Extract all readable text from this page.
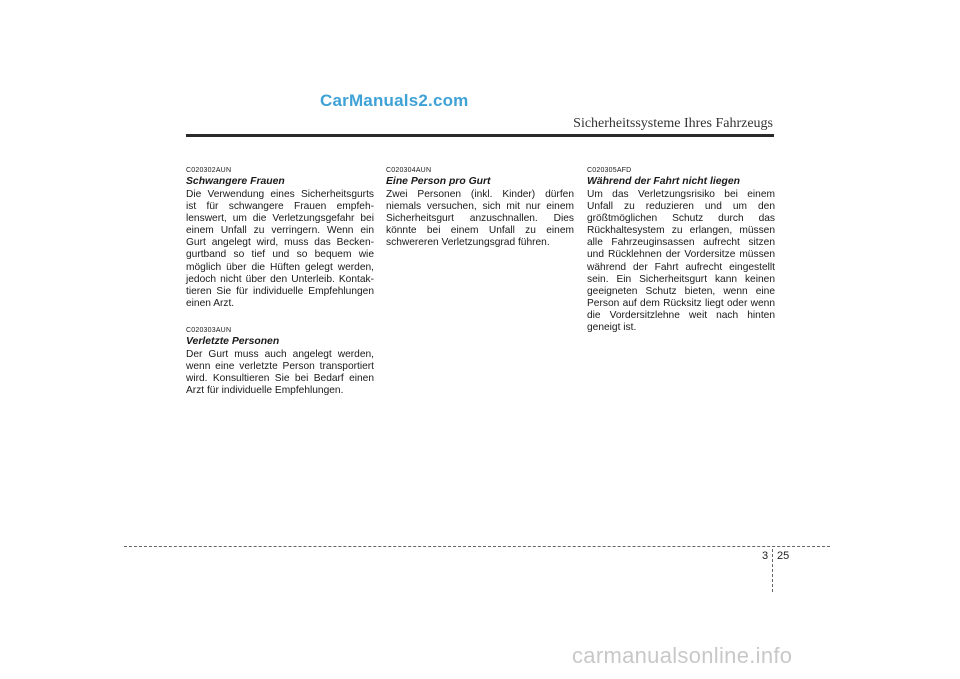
CarManuals2.com
Sicherheitssysteme Ihres Fahrzeugs
C020302AUN
Schwangere Frauen

Die Verwendung eines Sicherheitsgurts ist für schwangere Frauen empfeh-lenswert, um die Verletzungsgefahr bei einem Unfall zu verringern. Wenn ein Gurt angelegt wird, muss das Becken-gurtband so tief und so bequem wie möglich über die Hüften gelegt werden, jedoch nicht über den Unterleib. Kontak-tieren Sie für individuelle Empfehlungen einen Arzt.

C020303AUN
Verletzte Personen

Der Gurt muss auch angelegt werden, wenn eine verletzte Person transportiert wird. Konsultieren Sie bei Bedarf einen Arzt für individuelle Empfehlungen.

C020304AUN
Eine Person pro Gurt

Zwei Personen (inkl. Kinder) dürfen niemals versuchen, sich mit nur einem Sicherheitsgurt anzuschnallen. Dies könnte bei einem Unfall zu einem schwereren Verletzungsgrad führen.

C020305AFD
Während der Fahrt nicht liegen

Um das Verletzungsrisiko bei einem Unfall zu reduzieren und um den größtmöglichen Schutz durch das Rückhaltesystem zu erlangen, müssen alle Fahrzeuginsassen aufrecht sitzen und Rücklehnen der Vordersitze müssen während der Fahrt aufrecht eingestellt sein. Ein Sicherheitsgurt kann keinen geeigneten Schutz bieten, wenn eine Person auf dem Rücksitz liegt oder wenn die Vordersitzlehne weit nach hinten geneigt ist.

3 25
carmanualsonline.info
